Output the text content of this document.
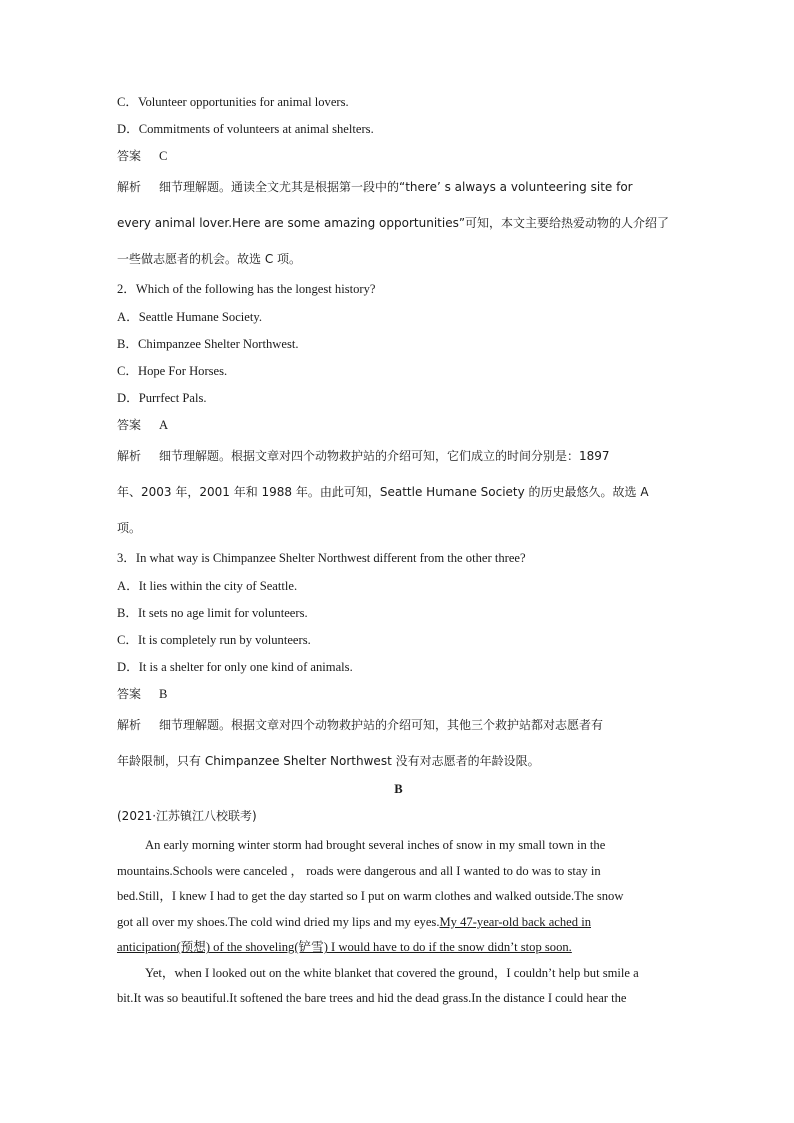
C．Volunteer opportunities for animal lovers.
D．Commitments of volunteers at animal shelters.
答案 C
解析 细节理解题。通读全文尤其是根据第一段中的“there’ s always a volunteering site for
every animal lover.Here are some amazing opportunities”可知，本文主要给热爱动物的人介绍了
一些做志愿者的机会。故选 C 项。
2．Which of the following has the longest history?
A．Seattle Humane Society.
B．Chimpanzee Shelter Northwest.
C．Hope For Horses.
D．Purrfect Pals.
答案 A
解析 细节理解题。根据文章对四个动物救护站的介绍可知，它们成立的时间分别是：1897
年、2003 年，2001 年和 1988 年。由此可知，Seattle Humane Society 的历史最悠久。故选 A
项。
3．In what way is Chimpanzee Shelter Northwest different from the other three?
A．It lies within the city of Seattle.
B．It sets no age limit for volunteers.
C．It is completely run by volunteers.
D．It is a shelter for only one kind of animals.
答案 B
解析 细节理解题。根据文章对四个动物救护站的介绍可知，其他三个救护站都对志愿者有
年龄限制，只有 Chimpanzee Shelter Northwest 没有对志愿者的年龄设限。
B
(2021·江苏镇江八校联考)
An early morning winter storm had brought several inches of snow in my small town in the
mountains.Schools were canceled ， roads were dangerous and all I wanted to do was to stay in
bed.Still，I knew I had to get the day started so I put on warm clothes and walked outside.The snow
got all over my shoes.The cold wind dried my lips and my eyes.My 47-year-old back ached in
anticipation(预想) of the shoveling(铲雪) I would have to do if the snow didn’t stop soon.
Yet，when I looked out on the white blanket that covered the ground，I couldn’t help but smile a
bit.It was so beautiful.It softened the bare trees and hid the dead grass.In the distance I could hear the
